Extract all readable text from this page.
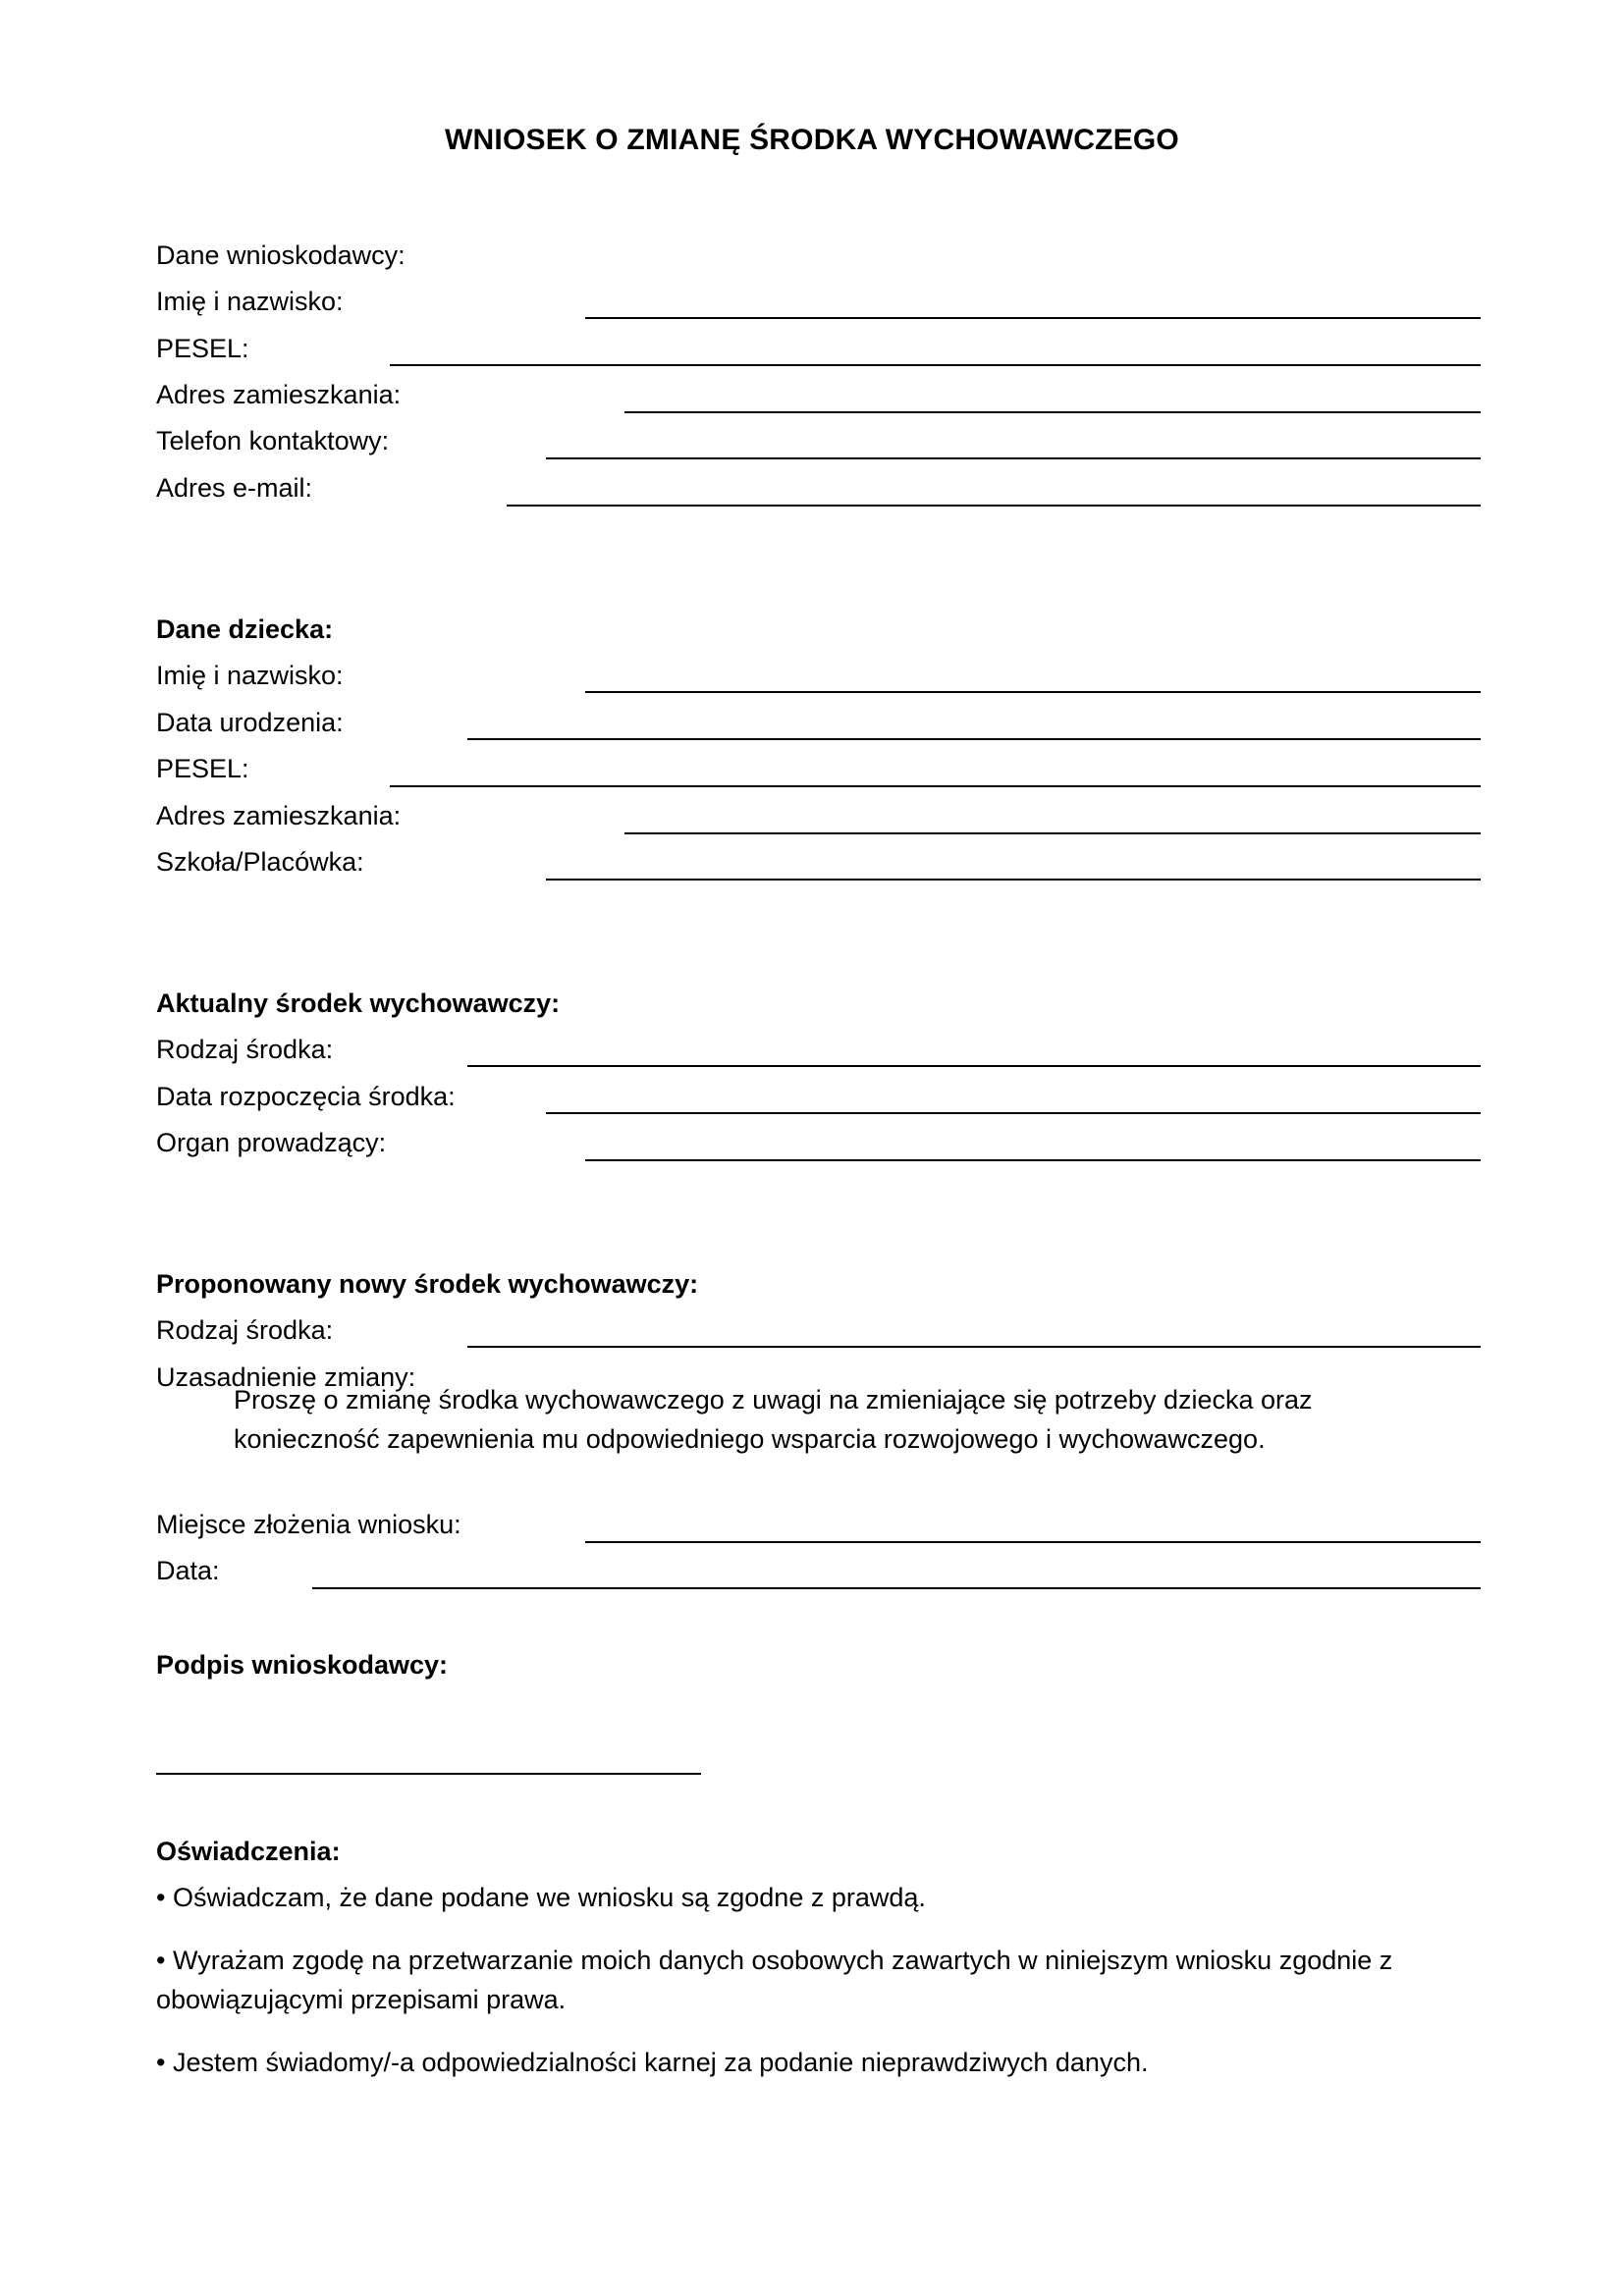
WNIOSEK O ZMIANĘ ŚRODKA WYCHOWAWCZEGO
Dane wnioskodawcy:
Imię i nazwisko:
PESEL:
Adres zamieszkania:
Telefon kontaktowy:
Adres e-mail:
Dane dziecka:
Imię i nazwisko:
Data urodzenia:
PESEL:
Adres zamieszkania:
Szkoła/Placówka:
Aktualny środek wychowawczy:
Rodzaj środka:
Data rozpoczęcia środka:
Organ prowadzący:
Proponowany nowy środek wychowawczy:
Rodzaj środka:
Uzasadnienie zmiany:
Proszę o zmianę środka wychowawczego z uwagi na zmieniające się potrzeby dziecka oraz konieczność zapewnienia mu odpowiedniego wsparcia rozwojowego i wychowawczego.
Miejsce złożenia wniosku:
Data:
Podpis wnioskodawcy:
Oświadczenia:
• Oświadczam, że dane podane we wniosku są zgodne z prawdą.
• Wyrażam zgodę na przetwarzanie moich danych osobowych zawartych w niniejszym wniosku zgodnie z obowiązującymi przepisami prawa.
• Jestem świadomy/-a odpowiedzialności karnej za podanie nieprawdziwych danych.
